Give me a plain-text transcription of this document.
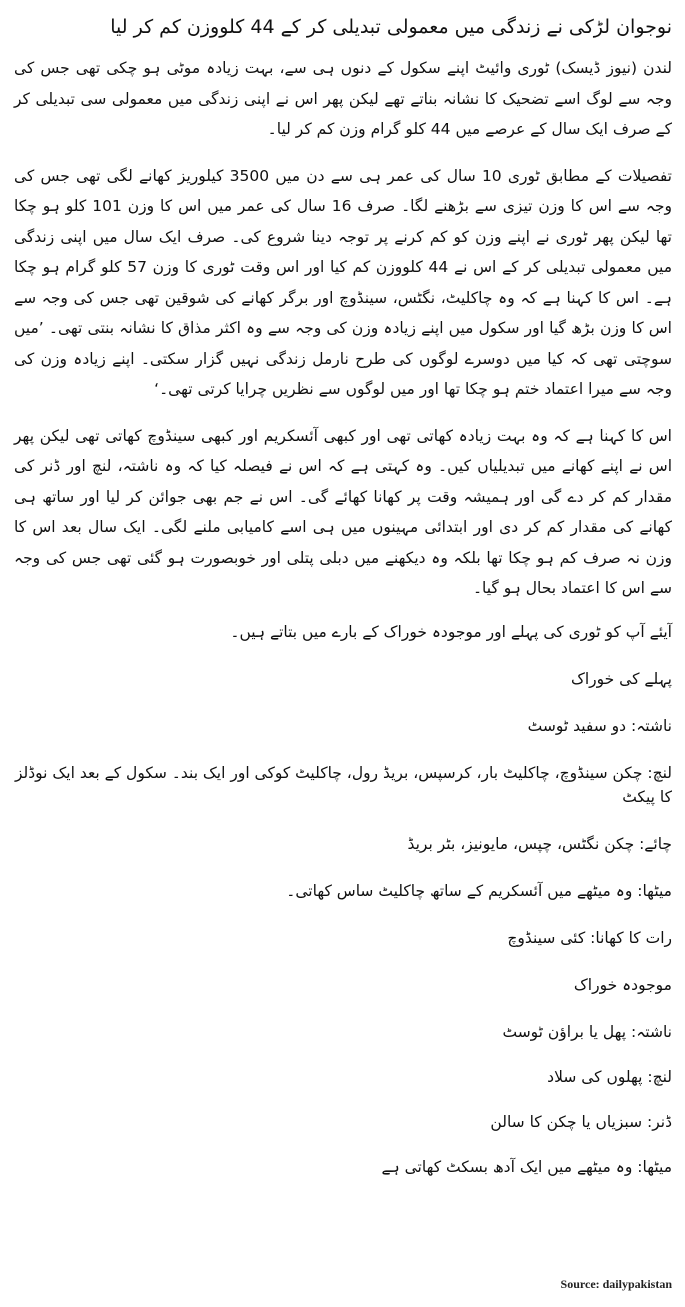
نوجوان لڑکی نے زندگی میں معمولی تبدیلی کر کے 44 کلووزن کم کر لیا

لندن (نیوز ڈیسک) ٹوری وائیٹ اپنے سکول کے دنوں ہی سے، بہت زیادہ موٹی ہو چکی تھی جس کی وجہ سے لوگ اسے تضحیک کا نشانہ بناتے تھے لیکن پھر اس نے اپنی زندگی میں معمولی سی تبدیلی کر کے صرف ایک سال کے عرصے میں 44 کلو گرام وزن کم کر لیا۔

تفصیلات کے مطابق ٹوری 10 سال کی عمر ہی سے دن میں 3500 کیلوریز کھانے لگی تھی جس کی وجہ سے اس کا وزن تیزی سے بڑھنے لگا۔ صرف 16 سال کی عمر میں اس کا وزن 101 کلو ہو چکا تھا لیکن پھر ٹوری نے اپنے وزن کو کم کرنے پر توجہ دینا شروع کی۔ صرف ایک سال میں اپنی زندگی میں معمولی تبدیلی کر کے اس نے 44 کلووزن کم کیا اور اس وقت ٹوری کا وزن 57 کلو گرام ہو چکا ہے۔ اس کا کہنا ہے کہ وہ چاکلیٹ، نگٹس، سینڈوچ اور برگر کھانے کی شوقین تھی جس کی وجہ سے اس کا وزن بڑھ گیا اور سکول میں اپنے زیادہ وزن کی وجہ سے وہ اکثر مذاق کا نشانہ بنتی تھی۔ ’میں سوچتی تھی کہ کیا میں دوسرے لوگوں کی طرح نارمل زندگی نہیں گزار سکتی۔ اپنے زیادہ وزن کی وجہ سے میرا اعتماد ختم ہو چکا تھا اور میں لوگوں سے نظریں چرایا کرتی تھی۔‘

اس کا کہنا ہے کہ وہ بہت زیادہ کھاتی تھی اور کبھی آئسکریم اور کبھی سینڈوچ کھاتی تھی لیکن پھر اس نے اپنے کھانے میں تبدیلیاں کیں۔ وہ کہتی ہے کہ اس نے فیصلہ کیا کہ وہ ناشتہ، لنچ اور ڈنر کی مقدار کم کر دے گی اور ہمیشہ وقت پر کھانا کھائے گی۔ اس نے جم بھی جوائن کر لیا اور ساتھ ہی کھانے کی مقدار کم کر دی اور ابتدائی مہینوں میں ہی اسے کامیابی ملنے لگی۔ ایک سال بعد اس کا وزن نہ صرف کم ہو چکا تھا بلکہ وہ دیکھنے میں دبلی پتلی اور خوبصورت ہو گئی تھی جس کی وجہ سے اس کا اعتماد بحال ہو گیا۔

آیئے آپ کو ٹوری کی پہلے اور موجودہ خوراک کے بارے میں بتاتے ہیں۔

پہلے کی خوراک

ناشتہ: دو سفید ٹوسٹ

لنچ: چکن سینڈوچ، چاکلیٹ بار، کرسپس، بریڈ رول، چاکلیٹ کوکی اور ایک بند۔ سکول کے بعد ایک نوڈلز کا پیکٹ

چائے: چکن نگٹس، چپس، مایونیز، بٹر بریڈ

میٹھا: وہ میٹھے میں آئسکریم کے ساتھ چاکلیٹ ساس کھاتی۔

رات کا کھانا: کئی سینڈوچ

موجودہ خوراک

ناشتہ: پھل یا براؤن ٹوسٹ

لنچ: پھلوں کی سلاد

ڈنر: سبزیاں یا چکن کا سالن

میٹھا: وہ میٹھے میں ایک آدھ بسکٹ کھاتی ہے

Source: dailypakistan
